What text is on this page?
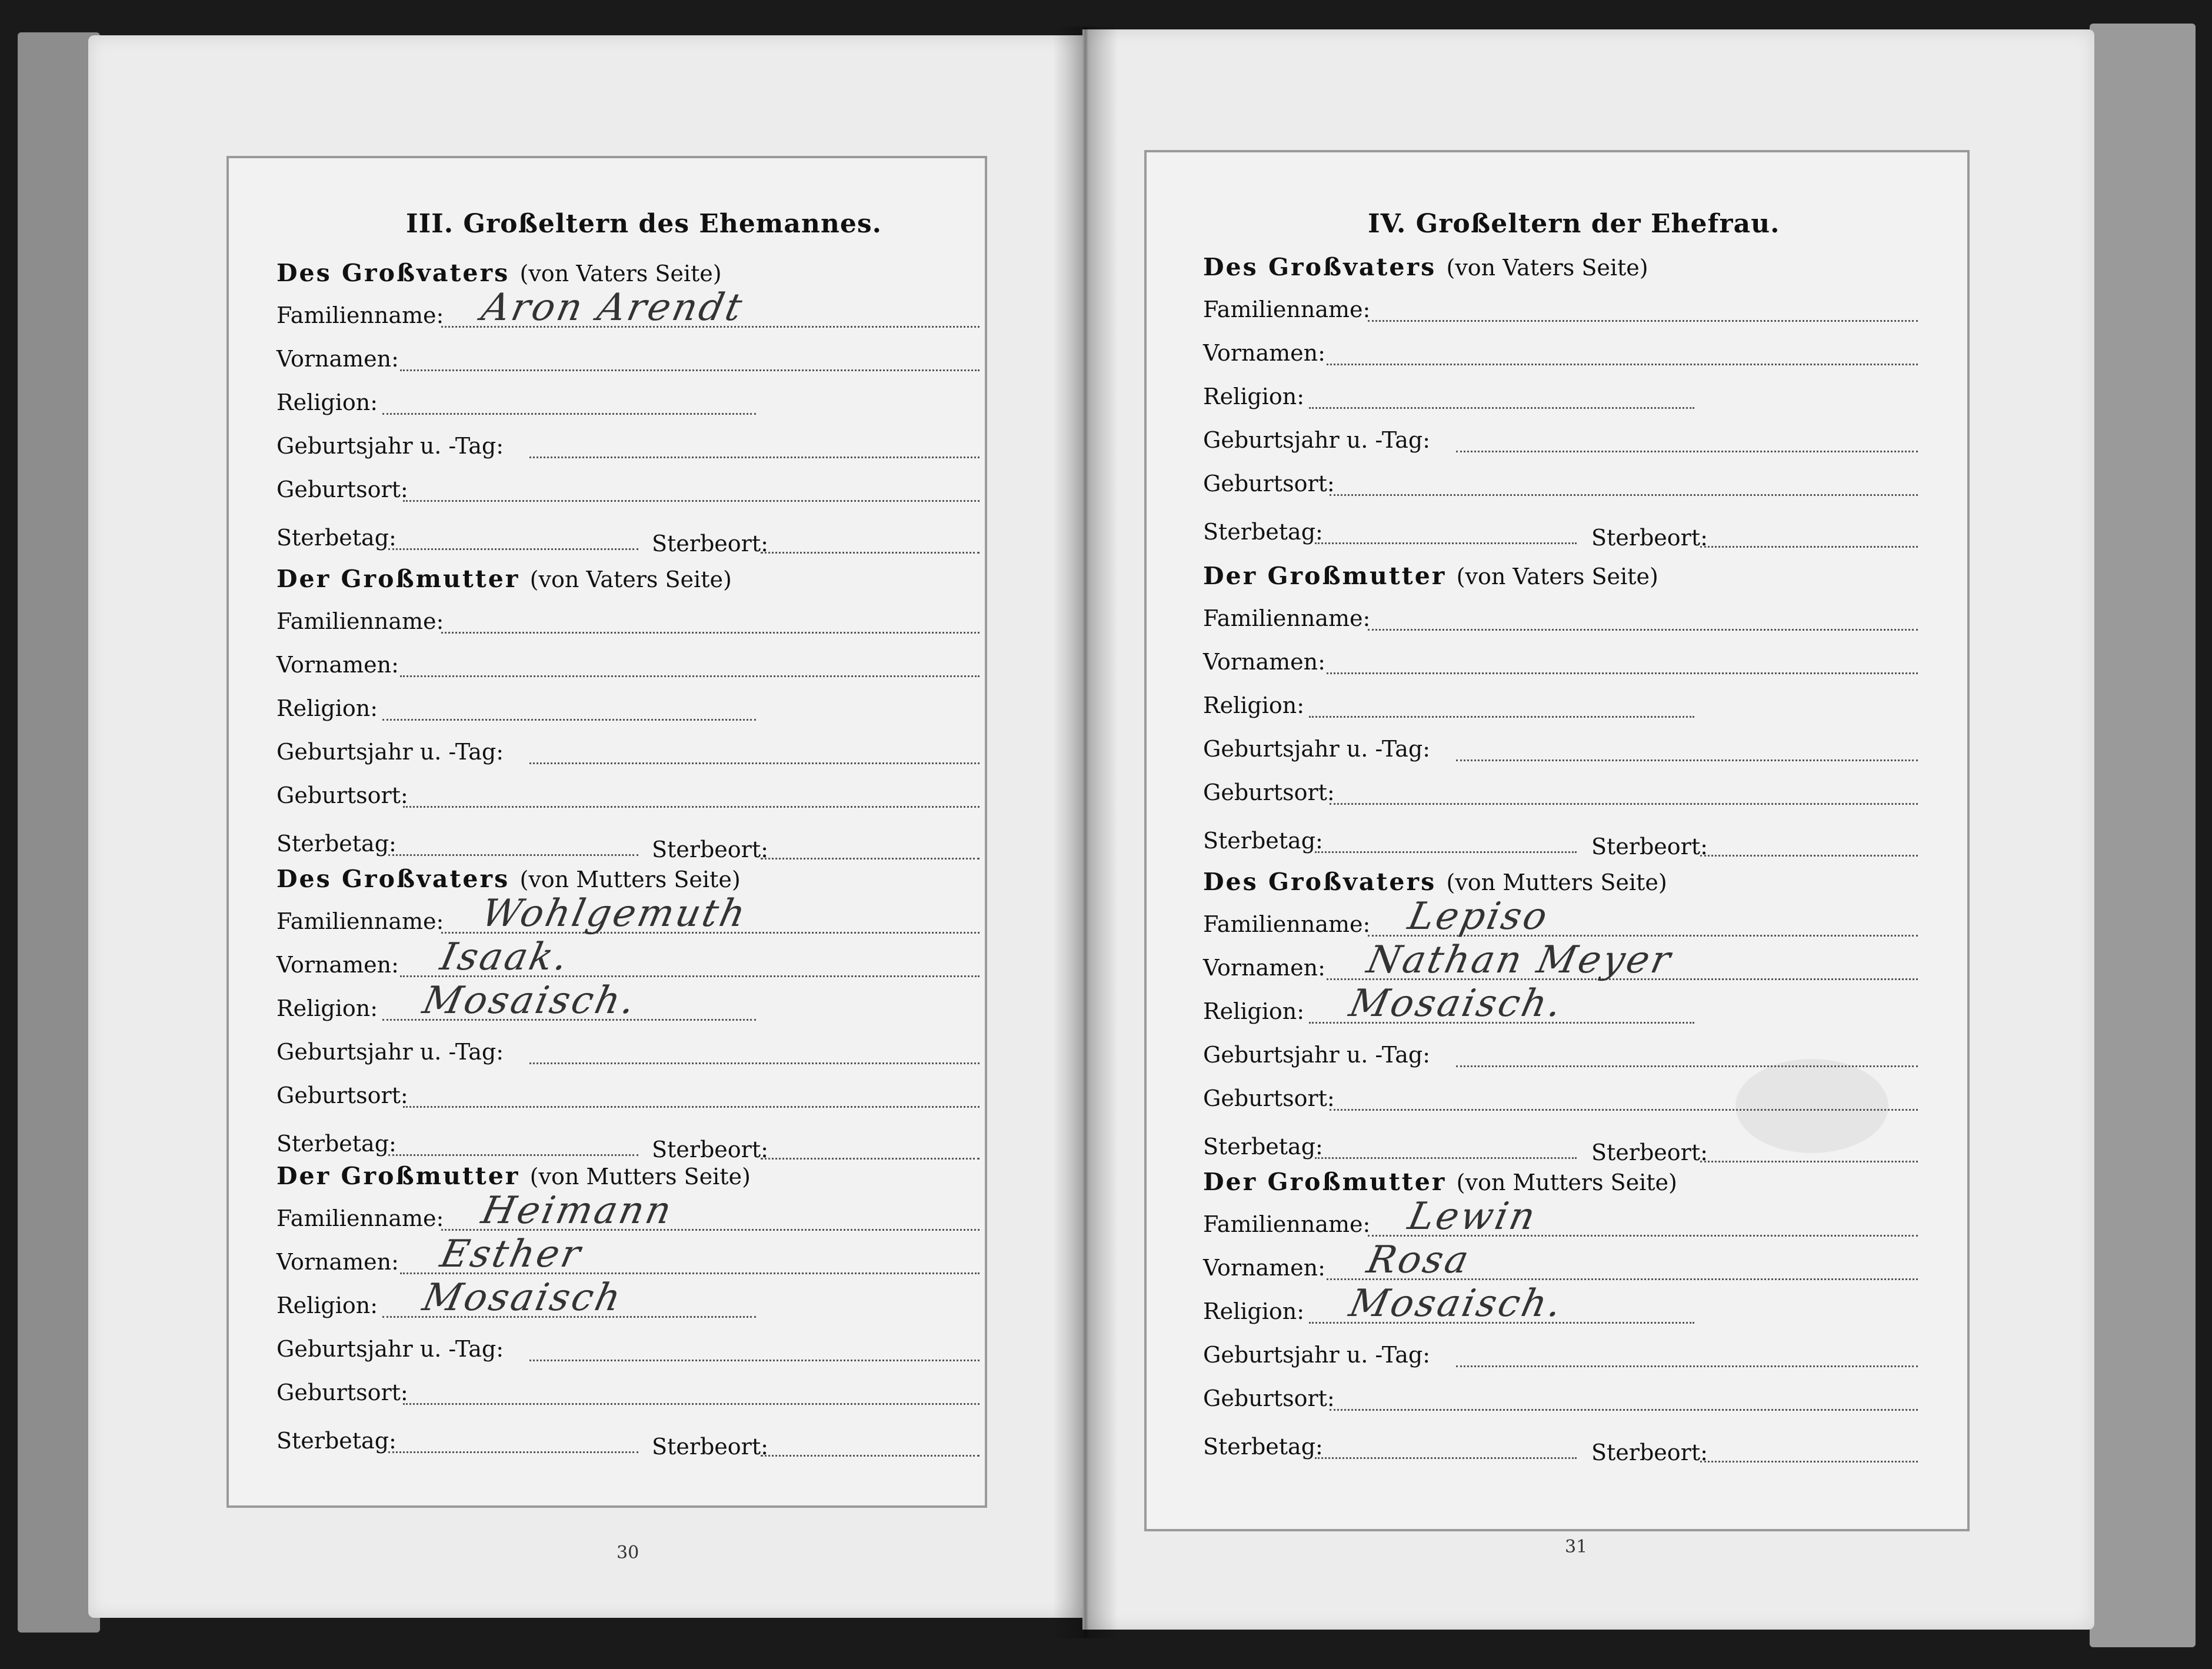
III. Großeltern des Ehemannes.	IV. Großeltern der Ehefrau.
30	31
Des Großvaters (von Vaters Seite)
Familienname: Aron Arendt
Vornamen:
Religion:
Geburtsjahr u. -Tag:
Geburtsort:
Sterbetag:	Sterbeort:
Der Großmutter (von Vaters Seite)
Familienname:
Vornamen:
Religion:
Geburtsjahr u. -Tag:
Geburtsort:
Sterbetag:	Sterbeort:
Des Großvaters (von Mutters Seite)
Familienname: Wohlgemuth
Vornamen: Isaak.
Religion: Mosaisch.
Geburtsjahr u. -Tag:
Geburtsort:
Sterbetag:	Sterbeort:
Der Großmutter (von Mutters Seite)
Familienname: Heimann
Vornamen: Esther
Religion: Mosaisch
Geburtsjahr u. -Tag:
Geburtsort:
Sterbetag:	Sterbeort:
Des Großvaters (von Vaters Seite)
Familienname:
Vornamen:
Religion:
Geburtsjahr u. -Tag:
Geburtsort:
Sterbetag:	Sterbeort:
Der Großmutter (von Vaters Seite)
Familienname:
Vornamen:
Religion:
Geburtsjahr u. -Tag:
Geburtsort:
Sterbetag:	Sterbeort:
Des Großvaters (von Mutters Seite)
Familienname: Lepiso
Vornamen: Nathan Meyer
Religion: Mosaisch.
Geburtsjahr u. -Tag:
Geburtsort:
Sterbetag:	Sterbeort:
Der Großmutter (von Mutters Seite)
Familienname: Lewin
Vornamen: Rosa
Religion: Mosaisch.
Geburtsjahr u. -Tag:
Geburtsort:
Sterbetag:	Sterbeort:
